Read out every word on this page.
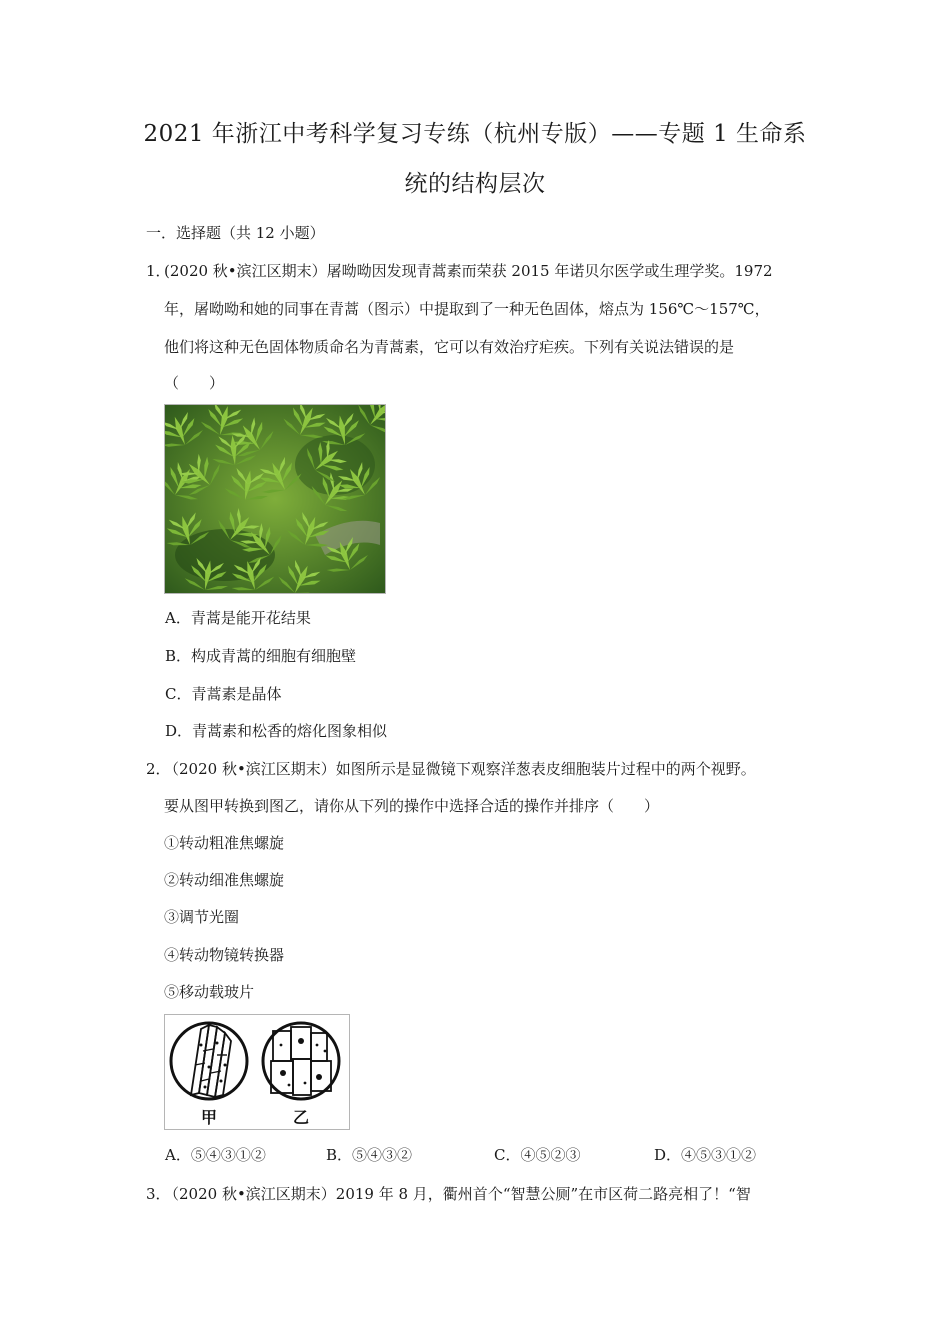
2021 年浙江中考科学复习专练（杭州专版）——专题 1 生命系
统的结构层次
一．选择题（共 12 小题）
1．
(2020 秋•滨江区期末）屠呦呦因发现青蒿素而荣获 2015 年诺贝尔医学或生理学奖。1972
年，屠呦呦和她的同事在青蒿（图示）中提取到了一种无色固体，熔点为 156℃～157℃，
他们将这种无色固体物质命名为青蒿素，它可以有效治疗疟疾。下列有关说法错误的是
（　　）
A．青蒿是能开花结果
B．构成青蒿的细胞有细胞壁
C．青蒿素是晶体
D．青蒿素和松香的熔化图象相似
2．
（2020 秋•滨江区期末）如图所示是显微镜下观察洋葱表皮细胞装片过程中的两个视野。
要从图甲转换到图乙，请你从下列的操作中选择合适的操作并排序（　　）
①转动粗准焦螺旋
②转动细准焦螺旋
③调节光圈
④转动物镜转换器
⑤移动载玻片
甲	乙
A．⑤④③①②	B．⑤④③②	C．④⑤②③	D．④⑤③①②
3．
（2020 秋•滨江区期末）2019 年 8 月，衢州首个“智慧公厕”在市区荷二路亮相了！“智
